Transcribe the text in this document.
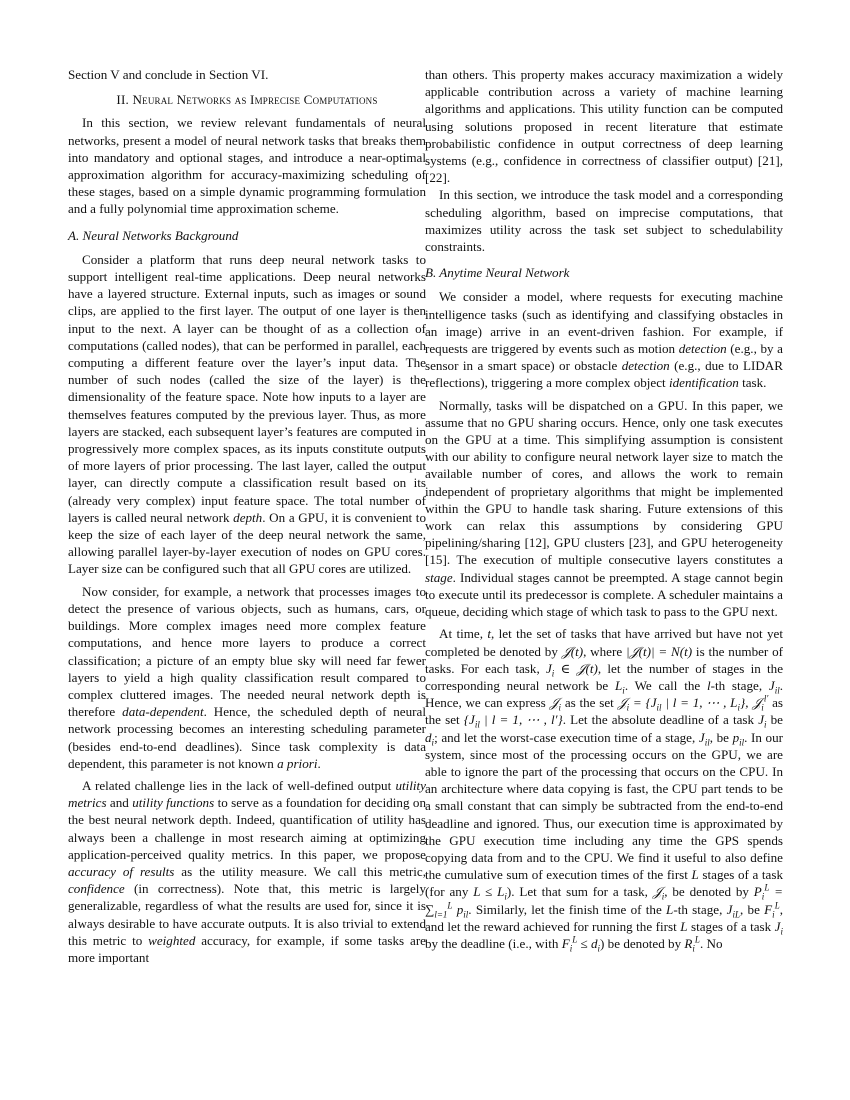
Section V and conclude in Section VI.

II. Neural Networks as Imprecise Computations

In this section, we review relevant fundamentals of neural networks, present a model of neural network tasks that breaks them into mandatory and optional stages, and introduce a near-optimal approximation algorithm for accuracy-maximizing scheduling of these stages, based on a simple dynamic programming formulation and a fully polynomial time approximation scheme.

A. Neural Networks Background

Consider a platform that runs deep neural network tasks to support intelligent real-time applications. Deep neural networks have a layered structure. External inputs, such as images or sound clips, are applied to the first layer. The output of one layer is then input to the next. A layer can be thought of as a collection of computations (called nodes), that can be performed in parallel, each computing a different feature over the layer’s input data. The number of such nodes (called the size of the layer) is the dimensionality of the feature space. Note how inputs to a layer are themselves features computed by the previous layer. Thus, as more layers are stacked, each subsequent layer’s features are computed in progressively more complex spaces, as its inputs constitute outputs of more layers of prior processing. The last layer, called the output layer, can directly compute a classification result based on its (already very complex) input feature space. The total number of layers is called neural network depth. On a GPU, it is convenient to keep the size of each layer of the deep neural network the same, allowing parallel layer-by-layer execution of nodes on GPU cores. Layer size can be configured such that all GPU cores are utilized.

Now consider, for example, a network that processes images to detect the presence of various objects, such as humans, cars, or buildings. More complex images need more complex feature computations, and hence more layers to produce a correct classification; a picture of an empty blue sky will need far fewer layers to yield a high quality classification result compared to complex cluttered images. The needed neural network depth is therefore data-dependent. Hence, the scheduled depth of neural network processing becomes an interesting scheduling parameter (besides end-to-end deadlines). Since task complexity is data dependent, this parameter is not known a priori.

A related challenge lies in the lack of well-defined output utility metrics and utility functions to serve as a foundation for deciding on the best neural network depth. Indeed, quantification of utility has always been a challenge in most research aiming at optimizing application-perceived quality metrics. In this paper, we propose accuracy of results as the utility measure. We call this metric, confidence (in correctness). Note that, this metric is largely generalizable, regardless of what the results are used for, since it is always desirable to have accurate outputs. It is also trivial to extend this metric to weighted accuracy, for example, if some tasks are more important

than others. This property makes accuracy maximization a widely applicable contribution across a variety of machine learning algorithms and applications. This utility function can be computed using solutions proposed in recent literature that estimate probabilistic confidence in output correctness of deep learning systems (e.g., confidence in correctness of classifier output) [21], [22].

In this section, we introduce the task model and a corresponding scheduling algorithm, based on imprecise computations, that maximizes utility across the task set subject to schedulability constraints.

B. Anytime Neural Network

We consider a model, where requests for executing machine intelligence tasks (such as identifying and classifying obstacles in an image) arrive in an event-driven fashion. For example, if requests are triggered by events such as motion detection (e.g., by a sensor in a smart space) or obstacle detection (e.g., due to LIDAR reflections), triggering a more complex object identification task.

Normally, tasks will be dispatched on a GPU. In this paper, we assume that no GPU sharing occurs. Hence, only one task executes on the GPU at a time. This simplifying assumption is consistent with our ability to configure neural network layer size to match the available number of cores, and allows the work to remain independent of proprietary algorithms that might be implemented within the GPU to handle task sharing. Future extensions of this work can relax this assumptions by considering GPU pipelining/sharing [12], GPU clusters [23], and GPU heterogeneity [15]. The execution of multiple consecutive layers constitutes a stage. Individual stages cannot be preempted. A stage cannot begin to execute until its predecessor is complete. A scheduler maintains a queue, deciding which stage of which task to pass to the GPU next.

At time, t, let the set of tasks that have arrived but have not yet completed be denoted by 𝒥(t), where |𝒥(t)| = N(t) is the number of tasks. For each task, $J_i$ ∈ 𝒥(t), let the number of stages in the corresponding neural network be $L_i$. We call the l-th stage, $J_{il}$. Hence, we can express 𝒥$_i$ as the set 𝒥$_i$ = {$J_{il}$ | l = 1, ⋯ , $L_i$}, 𝒥$_i^{l'}$ as the set {$J_{il}$ | l = 1, ⋯ , l′}. Let the absolute deadline of a task $J_i$ be $d_i$; and let the worst-case execution time of a stage, $J_{il}$, be $p_{il}$. In our system, since most of the processing occurs on the GPU, we are able to ignore the part of the processing that occurs on the CPU. In an architecture where data copying is fast, the CPU part tends to be a small constant that can simply be subtracted from the end-to-end deadline and ignored. Thus, our execution time is approximated by the GPU execution time including any time the GPS spends copying data from and to the CPU. We find it useful to also define the cumulative sum of execution times of the first L stages of a task (for any $L \le L_i$). Let that sum for a task, 𝒥$_i$, be denoted by $P_i^L = \sum_{l=1}^L$ $p_{il}$. Similarly, let the finish time of the L-th stage, $J_{iL}$, be $F_i^L$, and let the reward achieved for running the first L stages of a task $J_i$ by the deadline (i.e., with $F_i^L \le d_i$) be denoted by $R_i^L$. No
